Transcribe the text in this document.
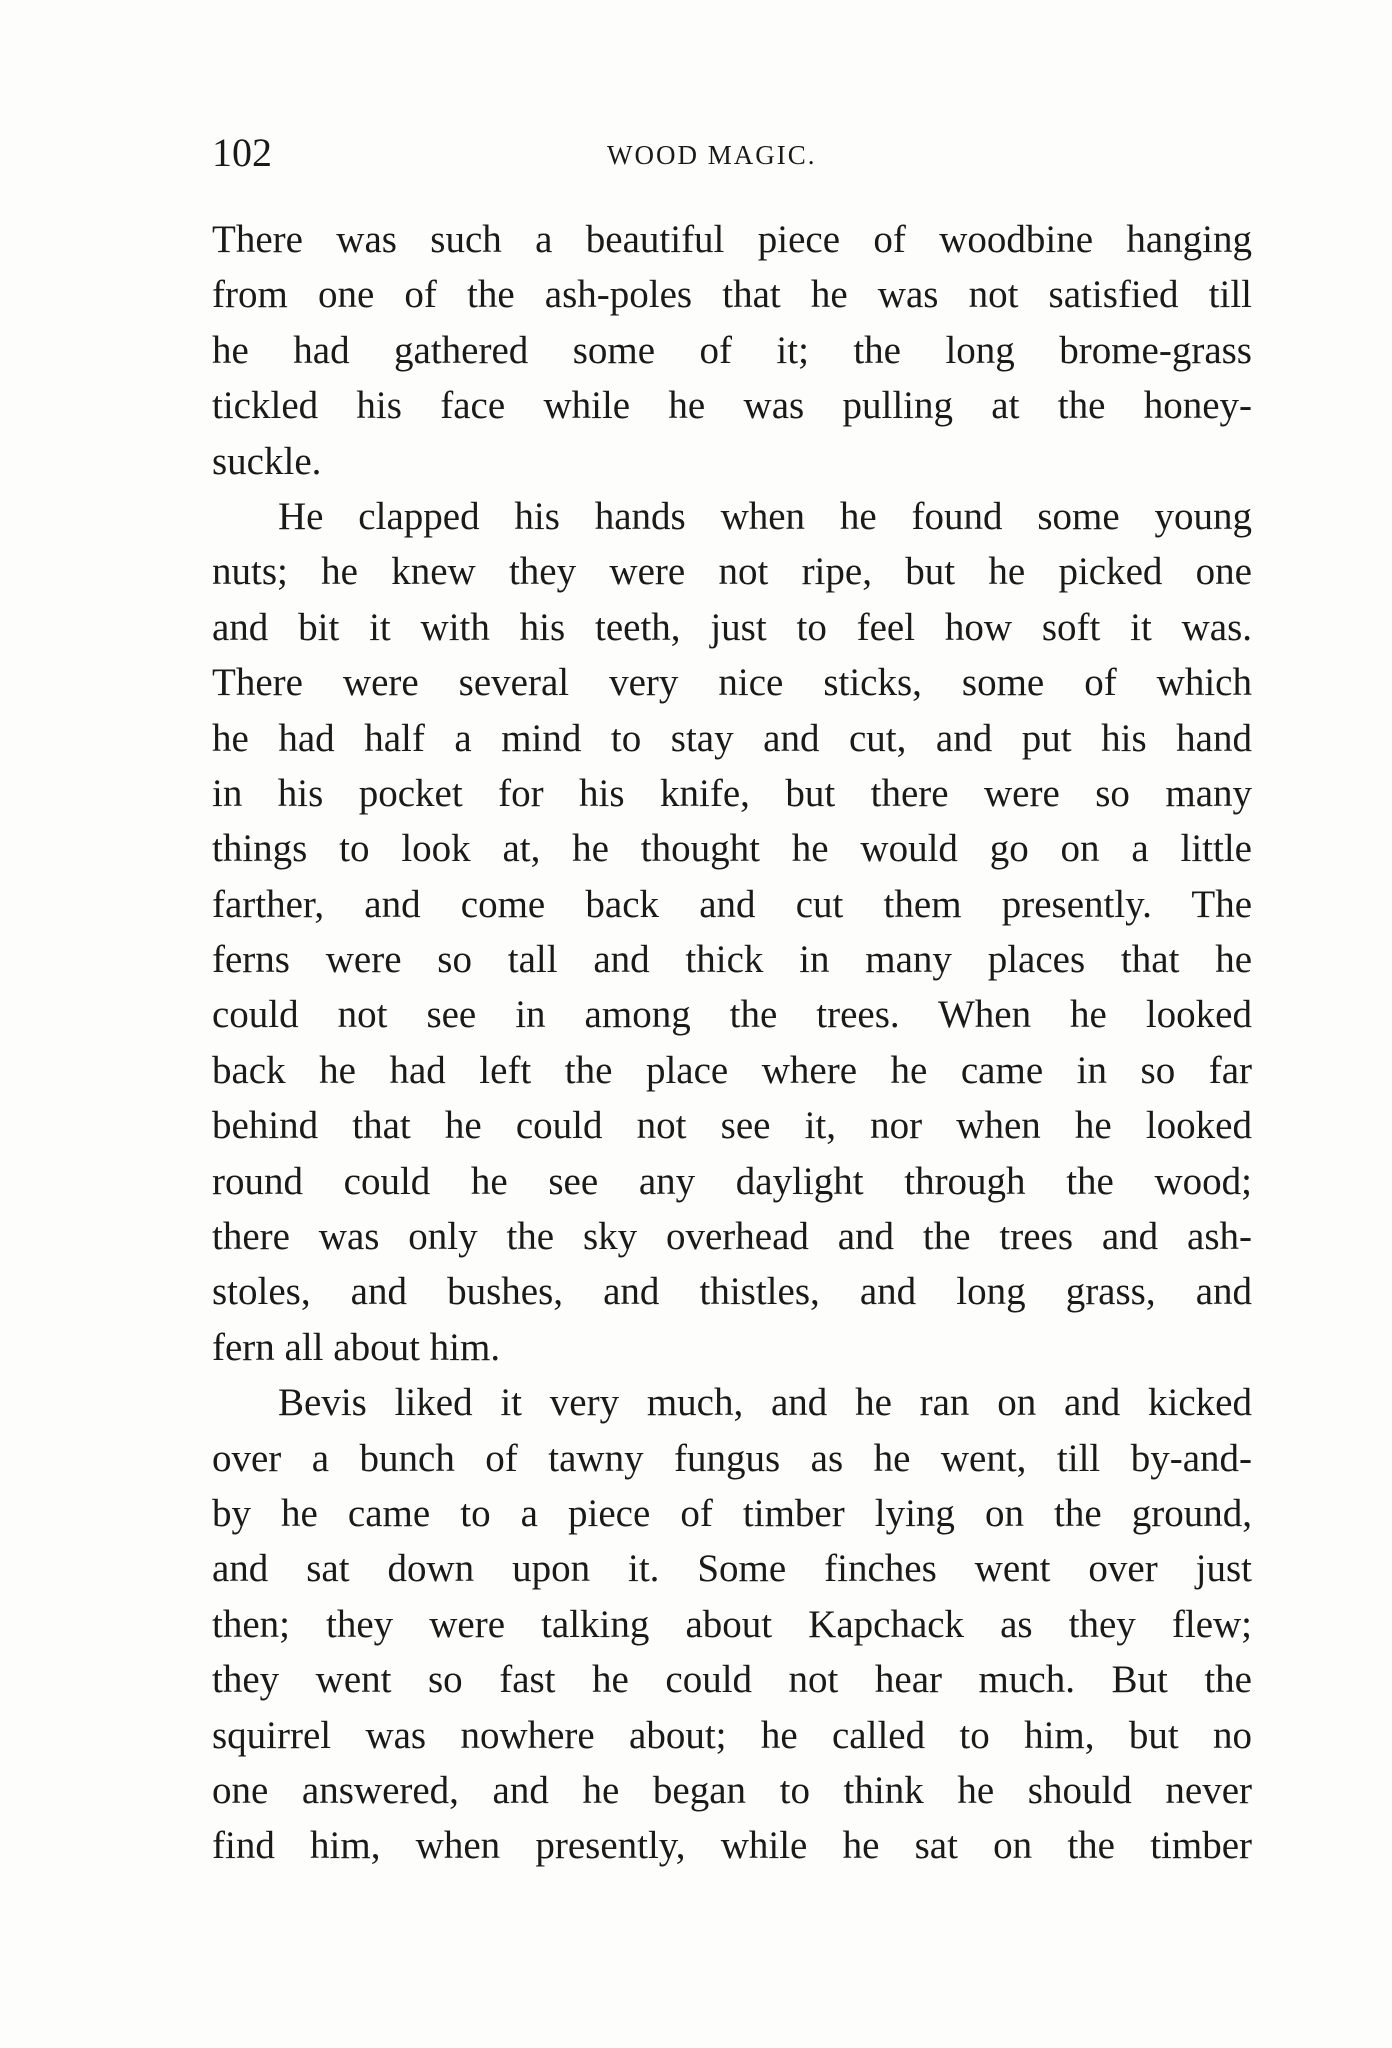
102	WOOD MAGIC.
There was such a beautiful piece of woodbine hanging
from one of the ash-poles that he was not satisfied till
he had gathered some of it; the long brome-grass
tickled his face while he was pulling at the honey-
suckle.
He clapped his hands when he found some young
nuts; he knew they were not ripe, but he picked one
and bit it with his teeth, just to feel how soft it was.
There were several very nice sticks, some of which
he had half a mind to stay and cut, and put his hand
in his pocket for his knife, but there were so many
things to look at, he thought he would go on a little
farther, and come back and cut them presently. The
ferns were so tall and thick in many places that he
could not see in among the trees. When he looked
back he had left the place where he came in so far
behind that he could not see it, nor when he looked
round could he see any daylight through the wood;
there was only the sky overhead and the trees and ash-
stoles, and bushes, and thistles, and long grass, and
fern all about him.
Bevis liked it very much, and he ran on and kicked
over a bunch of tawny fungus as he went, till by-and-
by he came to a piece of timber lying on the ground,
and sat down upon it. Some finches went over just
then; they were talking about Kapchack as they flew;
they went so fast he could not hear much. But the
squirrel was nowhere about; he called to him, but no
one answered, and he began to think he should never
find him, when presently, while he sat on the timber
